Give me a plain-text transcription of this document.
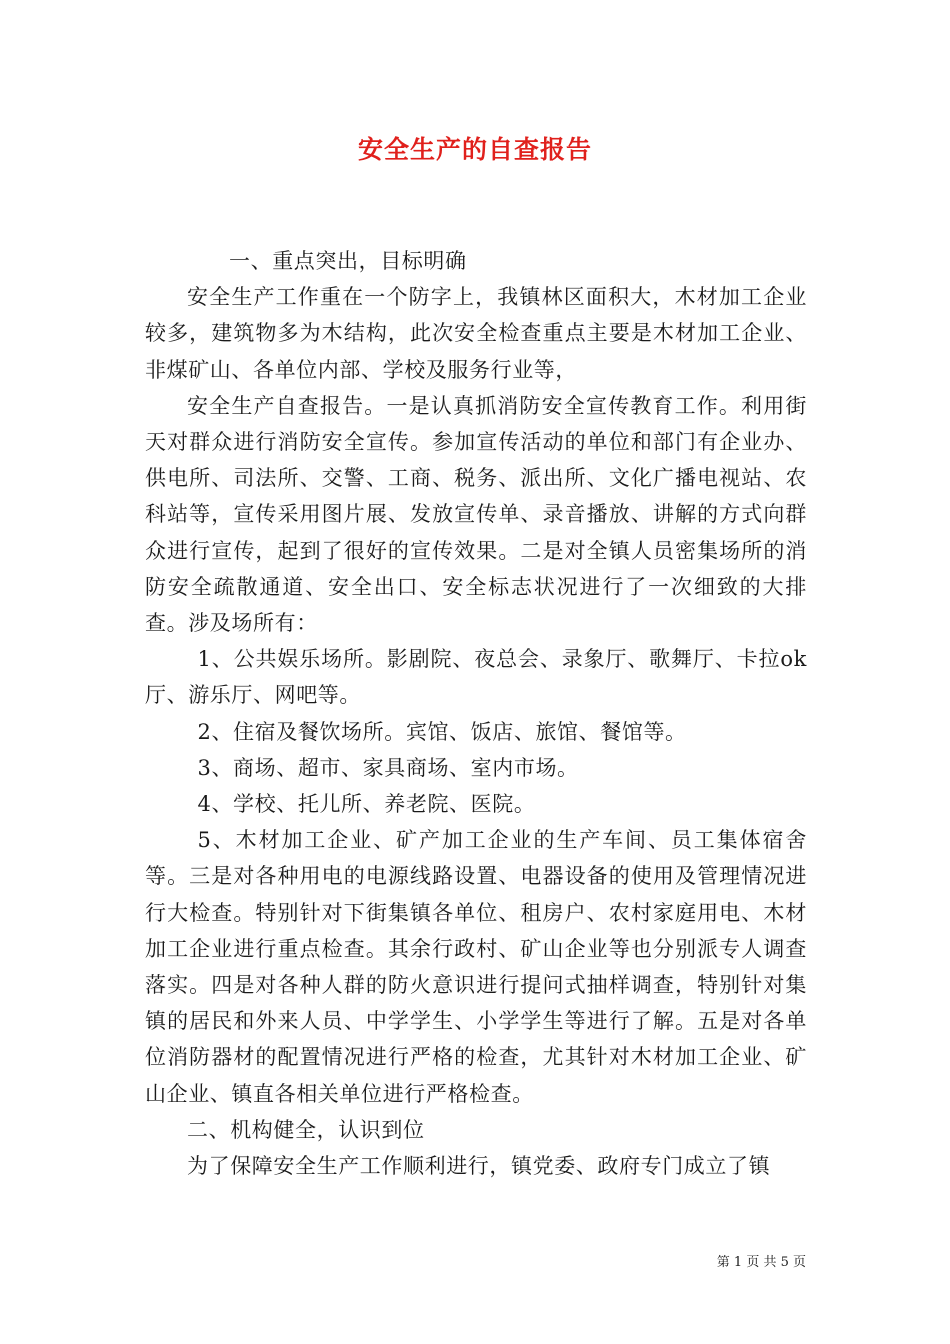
安全生产的自查报告

一、重点突出，目标明确

安全生产工作重在一个防字上，我镇林区面积大，木材加工企业较多，建筑物多为木结构，此次安全检查重点主要是木材加工企业、非煤矿山、各单位内部、学校及服务行业等，

安全生产自查报告。一是认真抓消防安全宣传教育工作。利用街天对群众进行消防安全宣传。参加宣传活动的单位和部门有企业办、供电所、司法所、交警、工商、税务、派出所、文化广播电视站、农科站等，宣传采用图片展、发放宣传单、录音播放、讲解的方式向群众进行宣传，起到了很好的宣传效果。二是对全镇人员密集场所的消防安全疏散通道、安全出口、安全标志状况进行了一次细致的大排查。涉及场所有：

1、公共娱乐场所。影剧院、夜总会、录象厅、歌舞厅、卡拉ok厅、游乐厅、网吧等。

2、住宿及餐饮场所。宾馆、饭店、旅馆、餐馆等。

3、商场、超市、家具商场、室内市场。

4、学校、托儿所、养老院、医院。

5、木材加工企业、矿产加工企业的生产车间、员工集体宿舍等。三是对各种用电的电源线路设置、电器设备的使用及管理情况进行大检查。特别针对下街集镇各单位、租房户、农村家庭用电、木材加工企业进行重点检查。其余行政村、矿山企业等也分别派专人调查落实。四是对各种人群的防火意识进行提问式抽样调查，特别针对集镇的居民和外来人员、中学学生、小学学生等进行了解。五是对各单位消防器材的配置情况进行严格的检查，尤其针对木材加工企业、矿山企业、镇直各相关单位进行严格检查。

二、机构健全，认识到位

为了保障安全生产工作顺利进行，镇党委、政府专门成立了镇

第 1 页 共 5 页
